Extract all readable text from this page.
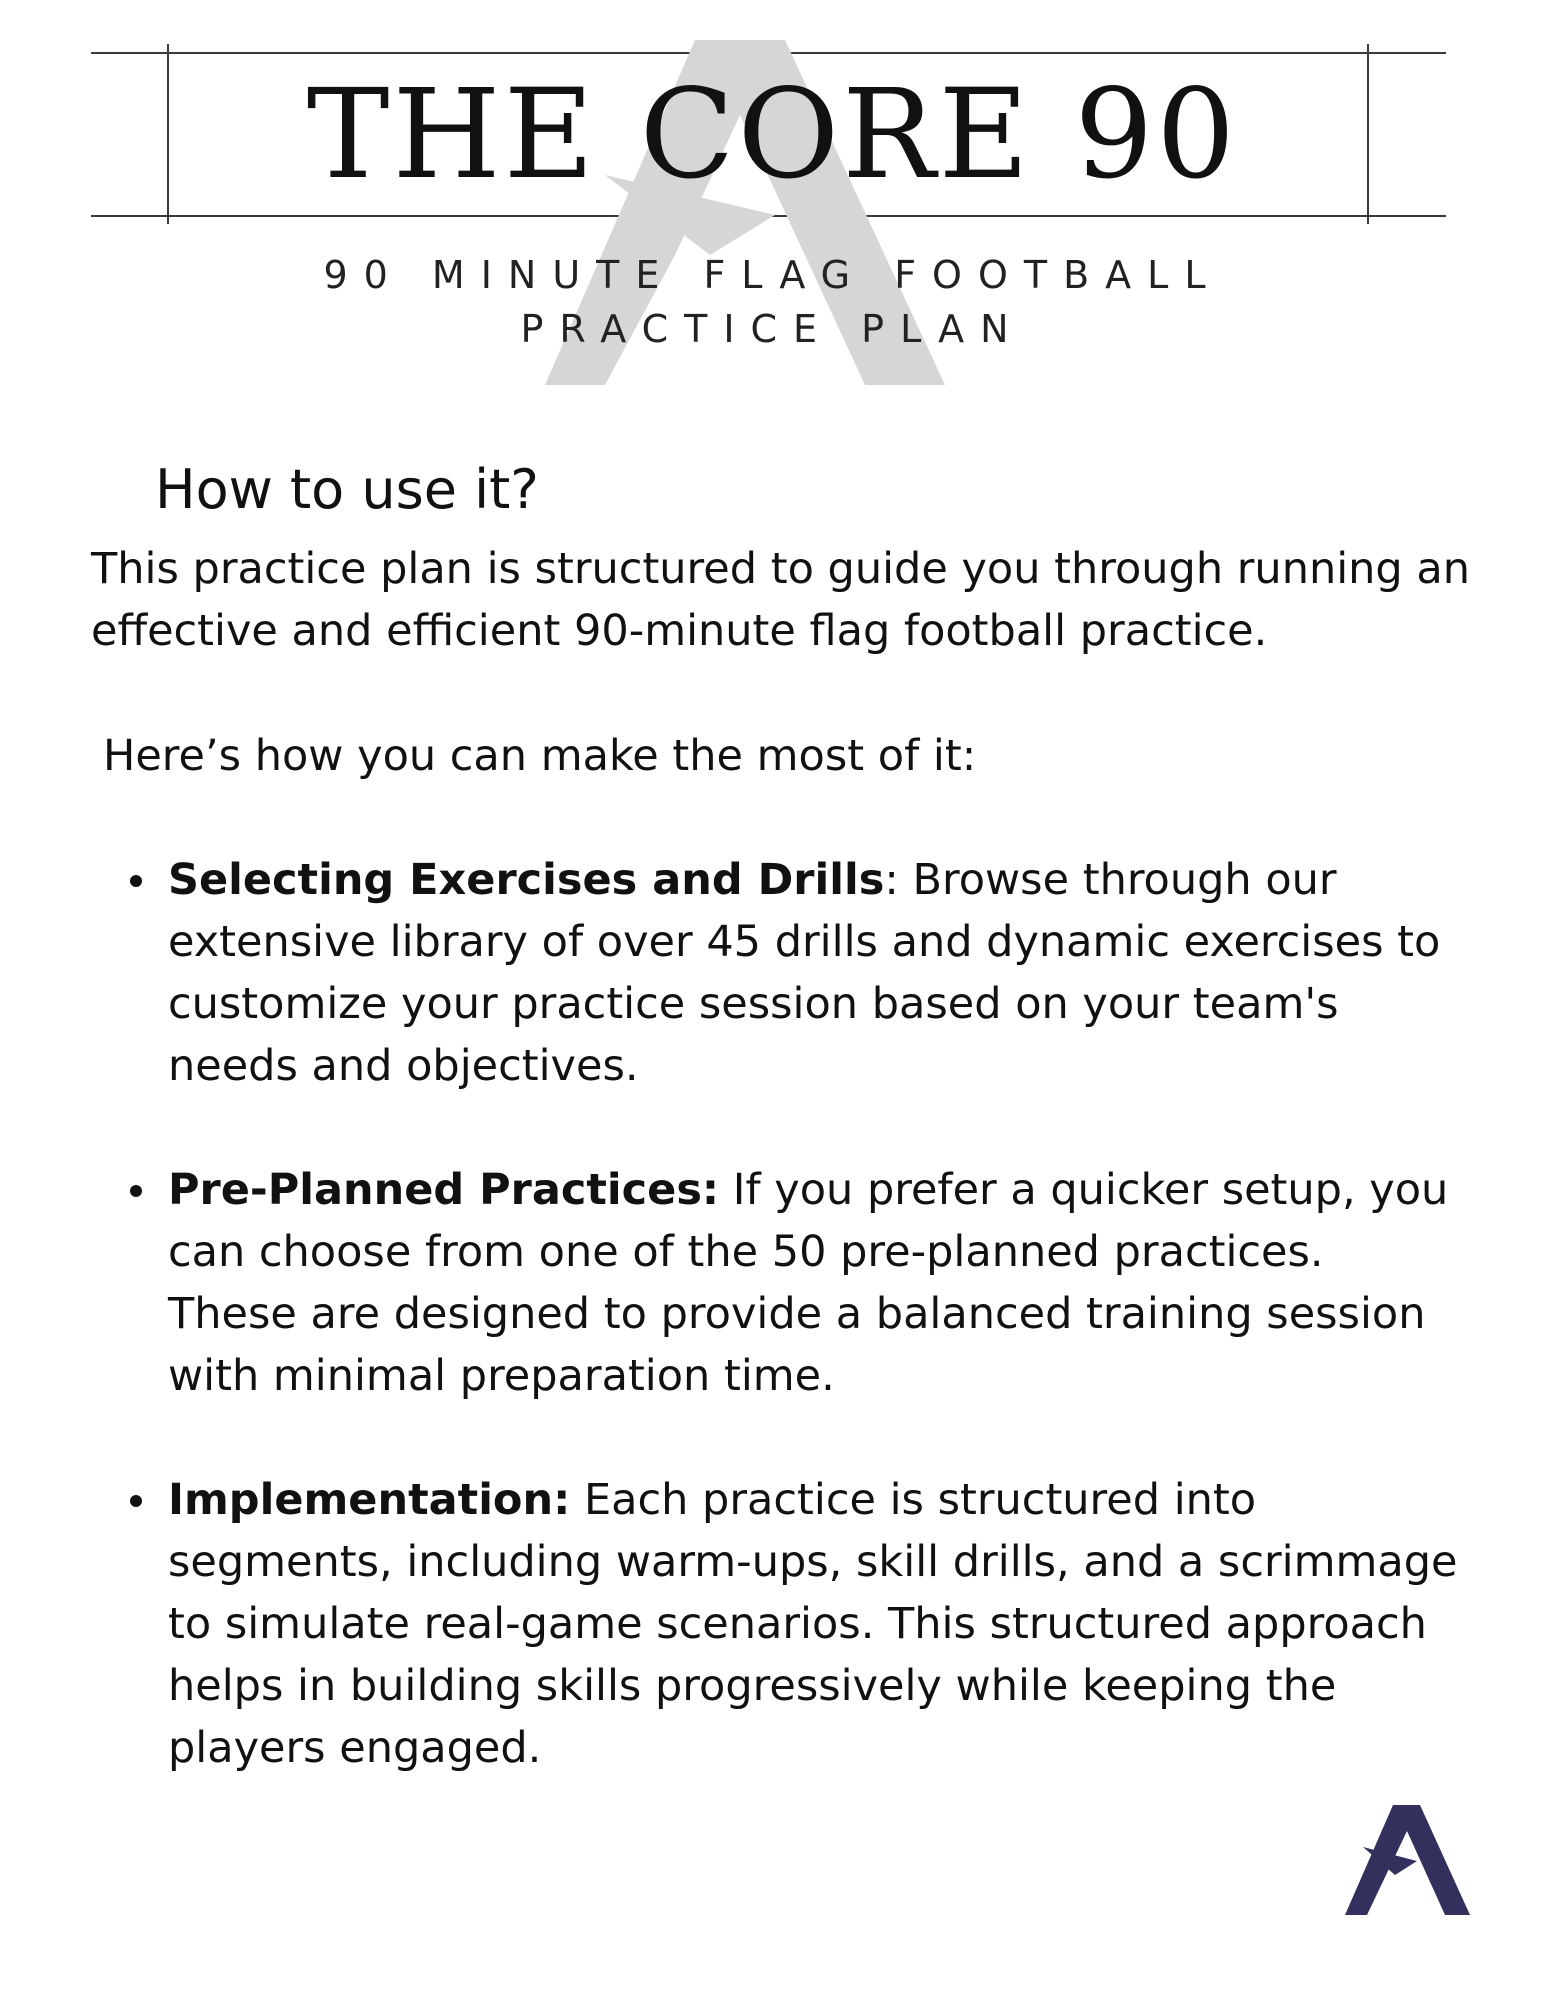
THE CORE 90
90 MINUTE FLAG FOOTBALL
PRACTICE PLAN
How to use it?

This practice plan is structured to guide you through running an effective and efficient 90-minute flag football practice.

Here’s how you can make the most of it:

Selecting Exercises and Drills: Browse through our extensive library of over 45 drills and dynamic exercises to customize your practice session based on your team's needs and objectives.

Pre-Planned Practices: If you prefer a quicker setup, you can choose from one of the 50 pre-planned practices. These are designed to provide a balanced training session with minimal preparation time.

Implementation: Each practice is structured into segments, including warm-ups, skill drills, and a scrimmage to simulate real-game scenarios. This structured approach helps in building skills progressively while keeping the players engaged.
